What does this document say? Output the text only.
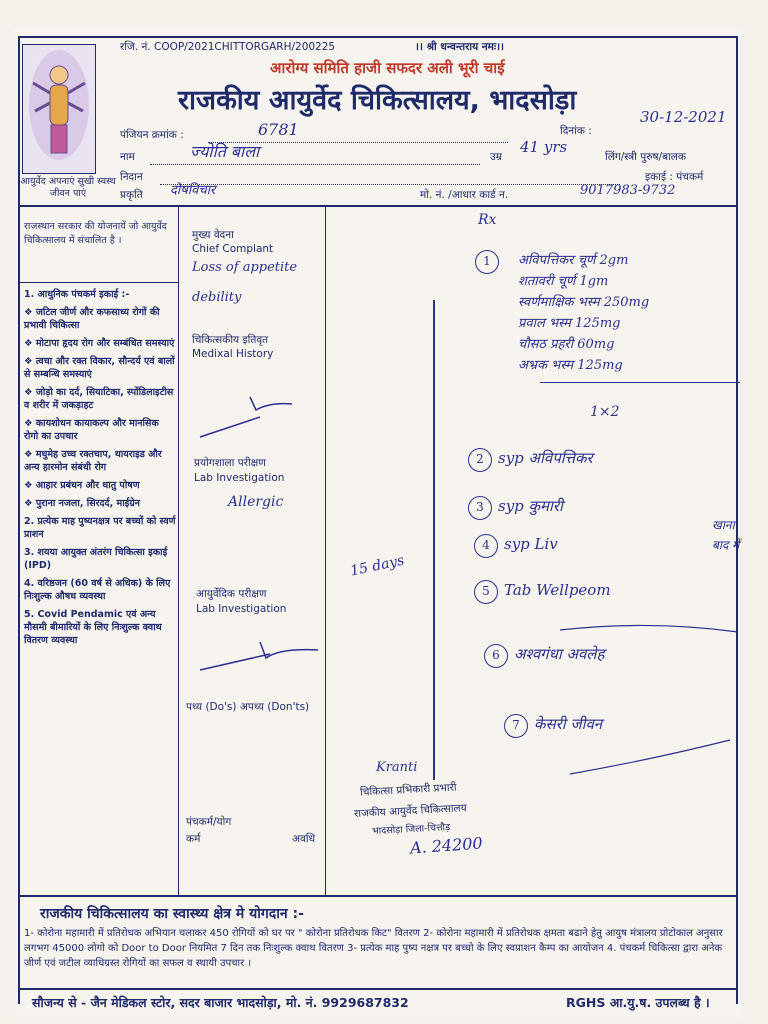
रजि. नं. COOP/2021CHITTORGARH/200225	।। श्री धन्वन्तराय नमः।।
आरोग्य समिति हाजी सफदर अली भूरी चाई
राजकीय आयुर्वेद चिकित्सालय, भादसोड़ा
आयुर्वेद अपनाएं सुखी स्वस्थ जीवन पाएं
पंजियन क्रमांक :	6781	दिनांक :
30-12-2021
नाम	ज्योति बाला	उम्र
41 yrs
लिंग/स्त्री पुरुष/बालक
निदान	इकाई : पंचकर्म
प्रकृति दोषविचार	मो. नं. /आधार कार्ड न.	9017983-9732
राजस्थान सरकार की योजनायें जो आयुर्वेद चिकित्सालय में संचालित है ।

1. आधुनिक पंचकर्म इकाई :-

❖ जटिल जीर्ण और कफसाध्य रोगों की प्रभावी चिकित्सा

❖ मोटापा हृदय रोग और सम्बंधित समस्याएं

❖ त्वचा और रक्त विकार, सौन्दर्य एवं बालों से सम्बन्धि समस्याएं

❖ जोड़ो का दर्द, सियाटिका, स्पोंडिलाइटीस व शरीर में जकड़ाहट

❖ कायशोधन कायाकल्प और मानसिक रोगो का उपचार

❖ मधुमेह उच्च रक्तचाप, थायराइड और अन्य हारमोन संबंधी रोग

❖ आहार प्रबंधन और धातु पोषण

❖ पुराना नजला, सिरदर्द, माईग्रेन

2. प्रत्येक माह पुष्यनक्षत्र पर बच्चों को स्वर्ण प्राशन

3. शयया आयुक्त अंतरंग चिकित्सा इकाई (IPD)

4. वरिष्ठजन (60 वर्ष से अधिक) के लिए निःशुल्क औषध व्यवस्था

5. Covid Pendamic एवं अन्य मौसमी बीमारियों के लिए निःशुल्क क्वाथ वितरण व्यवस्था

मुख्य वेदना
Chief Complant
Loss of appetite
debility
चिकित्सकीय इतिवृत
Medixal History
प्रयोगशाला परीक्षण
Lab Investigation
Allergic
आयुर्वेदिक परीक्षण
Lab Investigation
पथ्य (Do's) अपथ्य (Don'ts)
पंचकर्म/योग
कर्म	अवधि
Rx
1	अविपत्तिकर चूर्ण 2gm
शतावरी चूर्ण 1gm
स्वर्णमाक्षिक भस्म 250mg
प्रवाल भस्म 125mg
चौसठ प्रहरी 60mg
अभ्रक भस्म 125mg
1×2
15 days
2 syp अविपत्तिकर
3 syp कुमारी
4 syp Liv
5 Tab Wellpeom
6 अश्वगंधा अवलेह
7 केसरी जीवन
खाना बाद में
Kranti
चिकित्सा प्रभिकारी प्रभारी
राजकीय आयुर्वेद चिकित्सालय
भादसोड़ा जिला-चित्तौड़
A. 24200
राजकीय चिकित्सालय का स्वास्थ्य क्षेत्र मे योगदान :-
1- कोरोना महामारी में प्रतिरोधक अभियान चलाकर 450 रोगियों को घर पर " कोरोना प्रतिरोधक किट" वितरण 2- कोरोना महामारी में प्रतिरोधक क्षमता बढाने हेतु आयुष मंत्रालय प्रोटोकाल अनुसार लगभग 45000 लोगो को Door to Door नियमित 7 दिन तक निःशुल्क क्वाथ वितरण 3- प्रत्येक माह पुष्य नक्षत्र पर बच्चो के लिए स्वप्राशन कैम्प का आयोजन 4. पंचकर्म चिकित्सा द्वारा अनेक जीर्ण एवं जटील व्याधिग्रस्त रोगियों का सफल व स्थायी उपचार ।
सौजन्य से - जैन मेडिकल स्टोर, सदर बाजार भादसोड़ा, मो. नं. 9929687832	RGHS आ.यु.ष. उपलब्ध है ।
